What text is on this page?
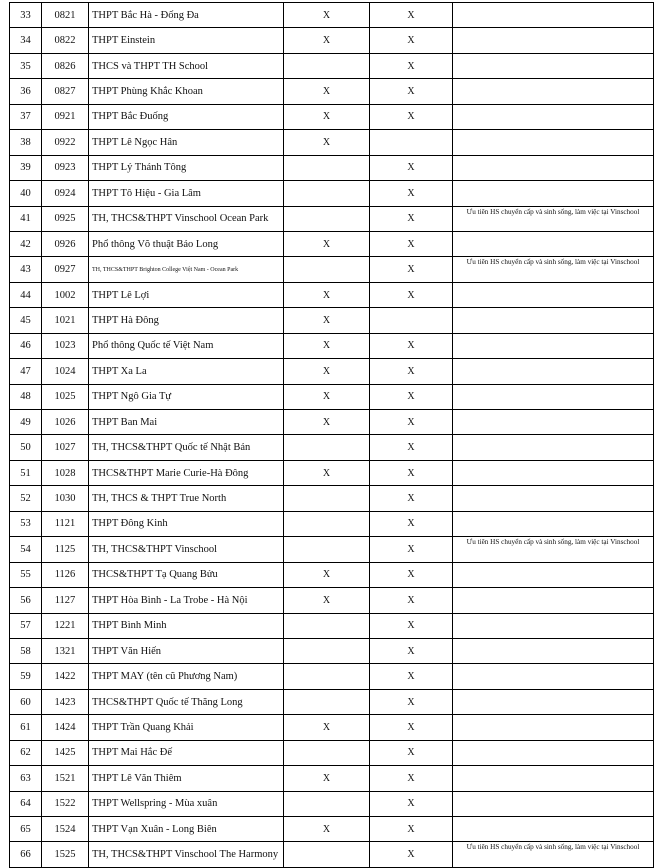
33	0821	THPT Bắc Hà - Đống Đa	X	X	
34	0822	THPT Einstein	X	X	
35	0826	THCS và THPT TH School		X	
36	0827	THPT Phùng Khắc Khoan	X	X	
37	0921	THPT Bắc Đuống	X	X	
38	0922	THPT Lê Ngọc Hân	X		
39	0923	THPT Lý Thánh Tông		X	
40	0924	THPT Tô Hiệu - Gia Lâm		X	
41	0925	TH, THCS&THPT Vinschool Ocean Park		X	Ưu tiên HS chuyển cấp và sinh sống, làm việc tại Vinschool
42	0926	Phổ thông Võ thuật Bảo Long	X	X	
43	0927	TH, THCS&THPT Brighton College Việt Nam - Ocean Park		X	Ưu tiên HS chuyển cấp và sinh sống, làm việc tại Vinschool
44	1002	THPT Lê Lợi	X	X	
45	1021	THPT Hà Đông	X		
46	1023	Phổ thông Quốc tế Việt Nam	X	X	
47	1024	THPT Xa La	X	X	
48	1025	THPT Ngô Gia Tự	X	X	
49	1026	THPT Ban Mai	X	X	
50	1027	TH, THCS&THPT Quốc tế Nhật Bản		X	
51	1028	THCS&THPT Marie Curie-Hà Đông	X	X	
52	1030	TH, THCS & THPT True North		X	
53	1121	THPT Đông Kinh		X	
54	1125	TH, THCS&THPT Vinschool		X	Ưu tiên HS chuyển cấp và sinh sống, làm việc tại Vinschool
55	1126	THCS&THPT Tạ Quang Bửu	X	X	
56	1127	THPT Hòa Bình - La Trobe - Hà Nội	X	X	
57	1221	THPT Bình Minh		X	
58	1321	THPT Văn Hiến		X	
59	1422	THPT MAY (tên cũ Phương Nam)		X	
60	1423	THCS&THPT Quốc tế Thăng Long		X	
61	1424	THPT Trần Quang Khải	X	X	
62	1425	THPT Mai Hắc Đế		X	
63	1521	THPT Lê Văn Thiêm	X	X	
64	1522	THPT Wellspring - Mùa xuân		X	
65	1524	THPT Vạn Xuân - Long Biên	X	X	
66	1525	TH, THCS&THPT Vinschool The Harmony		X	Ưu tiên HS chuyển cấp và sinh sống, làm việc tại Vinschool
